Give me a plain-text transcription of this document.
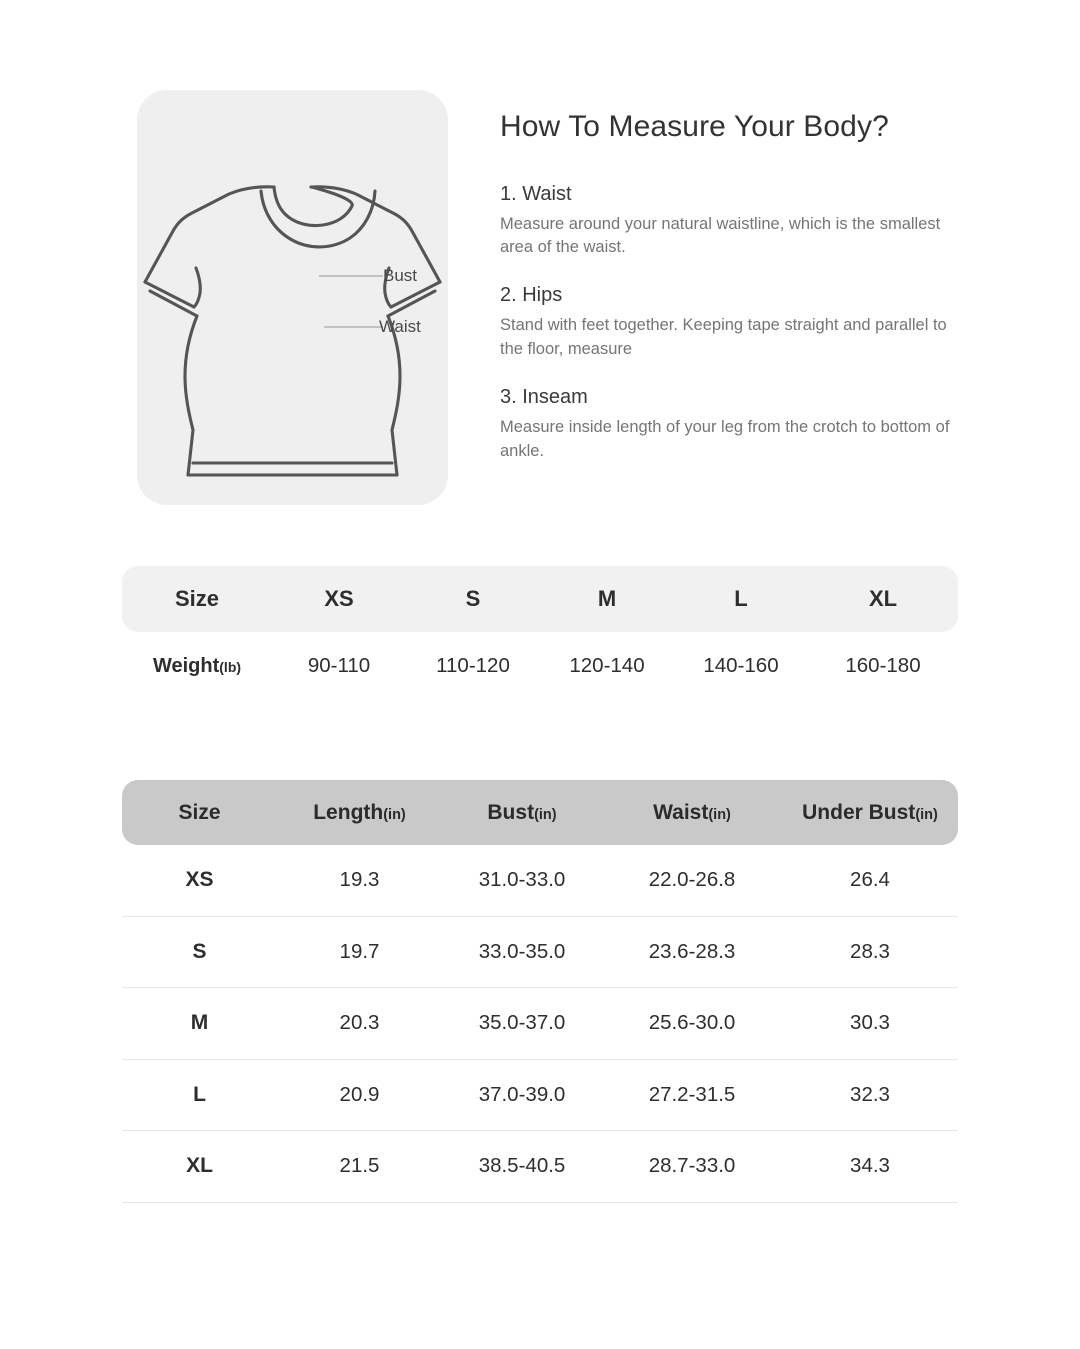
Bust
Waist
How To Measure Your Body?
1. Waist
Measure around your natural waistline, which is the smallest area of the waist.
2. Hips
Stand with feet together. Keeping tape straight and parallel to the floor, measure
3. Inseam
Measure inside length of your leg from the crotch to bottom of ankle.
Size	XS	S	M	L	XL
Weight(lb)	90-110	110-120	120-140	140-160	160-180
Size	Length(in)	Bust(in)	Waist(in)	Under Bust(in)
XS	19.3	31.0-33.0	22.0-26.8	26.4
S	19.7	33.0-35.0	23.6-28.3	28.3
M	20.3	35.0-37.0	25.6-30.0	30.3
L	20.9	37.0-39.0	27.2-31.5	32.3
XL	21.5	38.5-40.5	28.7-33.0	34.3
